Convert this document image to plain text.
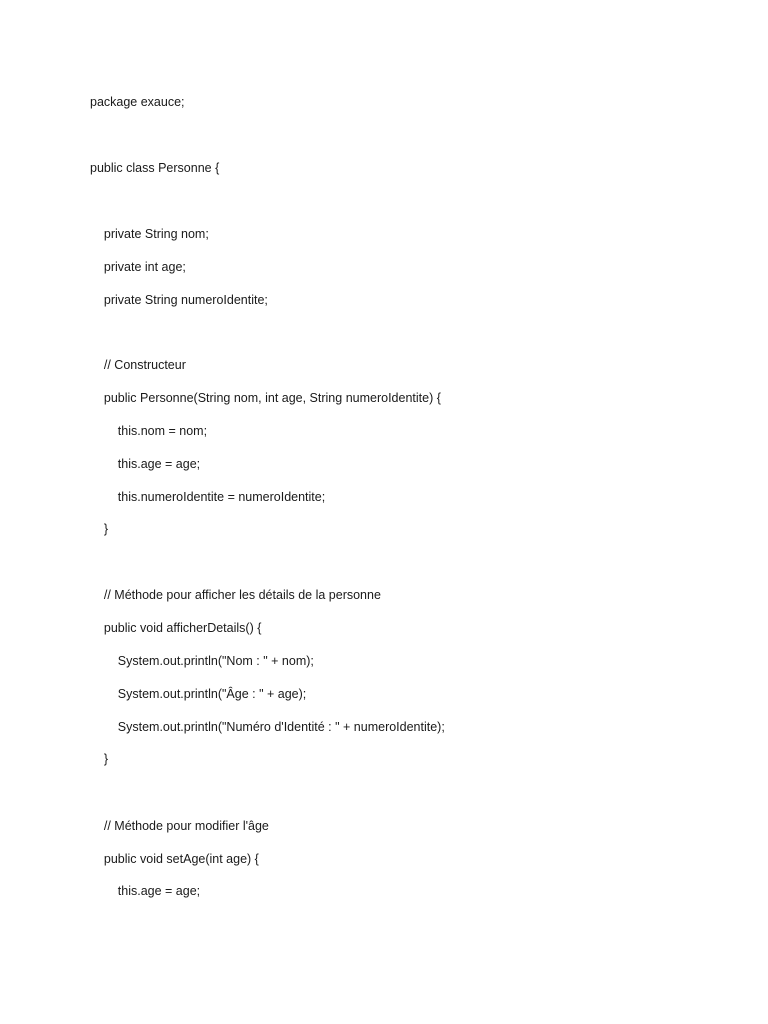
package exauce;

public class Personne {

private String nom;

private int age;

private String numeroIdentite;

// Constructeur

public Personne(String nom, int age, String numeroIdentite) {

this.nom = nom;

this.age = age;

this.numeroIdentite = numeroIdentite;

}

// Méthode pour afficher les détails de la personne

public void afficherDetails() {

System.out.println("Nom : " + nom);

System.out.println("Âge : " + age);

System.out.println("Numéro d'Identité : " + numeroIdentite);

}

// Méthode pour modifier l'âge

public void setAge(int age) {

this.age = age;
